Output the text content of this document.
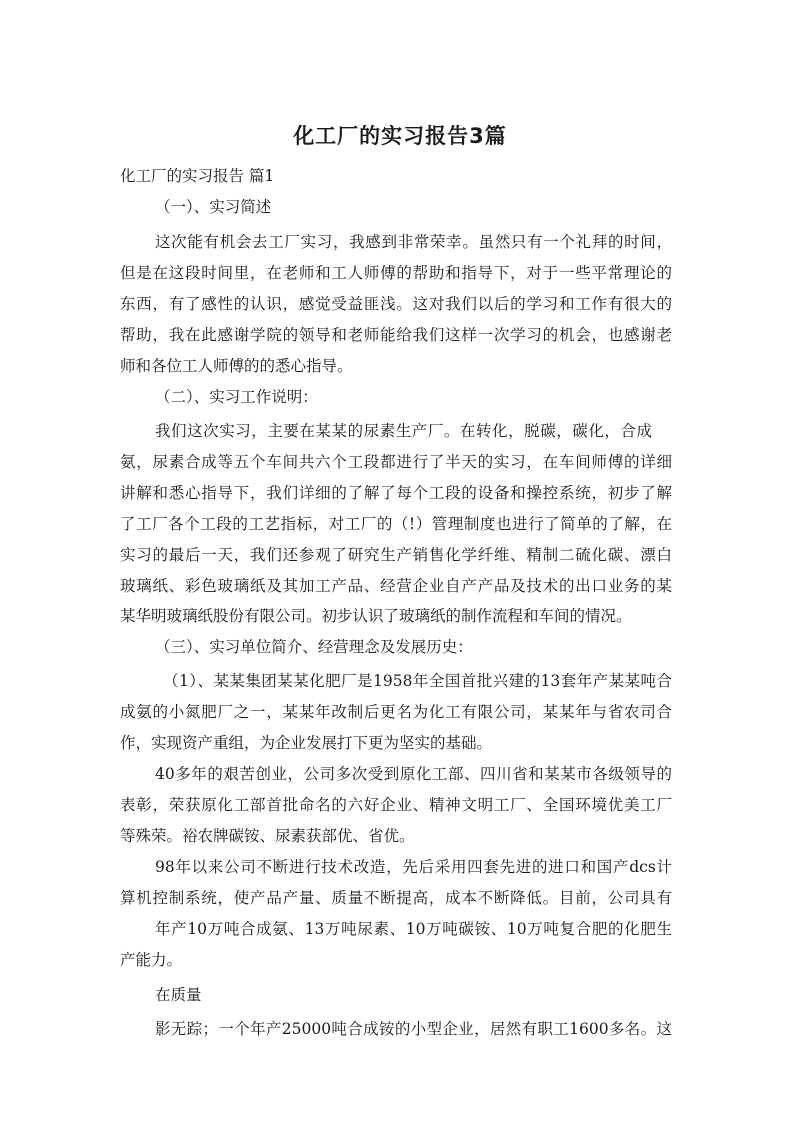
化工厂的实习报告3篇
化工厂的实习报告 篇1
（一）、实习简述
这次能有机会去工厂实习，我感到非常荣幸。虽然只有一个礼拜的时间，
但是在这段时间里，在老师和工人师傅的帮助和指导下，对于一些平常理论的
东西，有了感性的认识，感觉受益匪浅。这对我们以后的学习和工作有很大的
帮助，我在此感谢学院的领导和老师能给我们这样一次学习的机会，也感谢老
师和各位工人师傅的的悉心指导。
（二）、实习工作说明：
我们这次实习，主要在某某的尿素生产厂。在转化，脱碳，碳化，合成
氨，尿素合成等五个车间共六个工段都进行了半天的实习，在车间师傅的详细
讲解和悉心指导下，我们详细的了解了每个工段的设备和操控系统，初步了解
了工厂各个工段的工艺指标，对工厂的（!）管理制度也进行了简单的了解，在
实习的最后一天，我们还参观了研究生产销售化学纤维、精制二硫化碳、漂白
玻璃纸、彩色玻璃纸及其加工产品、经营企业自产产品及技术的出口业务的某
某华明玻璃纸股份有限公司。初步认识了玻璃纸的制作流程和车间的情况。
（三）、实习单位简介、经营理念及发展历史：
（1）、某某集团某某化肥厂是1958年全国首批兴建的13套年产某某吨合
成氨的小氮肥厂之一，某某年改制后更名为化工有限公司，某某年与省农司合
作，实现资产重组，为企业发展打下更为坚实的基础。
40多年的艰苦创业，公司多次受到原化工部、四川省和某某市各级领导的
表彰，荣获原化工部首批命名的六好企业、精神文明工厂、全国环境优美工厂
等殊荣。裕农牌碳铵、尿素获部优、省优。
98年以来公司不断进行技术改造，先后采用四套先进的进口和国产dcs计
算机控制系统，使产品产量、质量不断提高，成本不断降低。目前，公司具有
年产10万吨合成氨、13万吨尿素、10万吨碳铵、10万吨复合肥的化肥生
产能力。
在质量
影无踪；一个年产25000吨合成铵的小型企业，居然有职工1600多名。这
